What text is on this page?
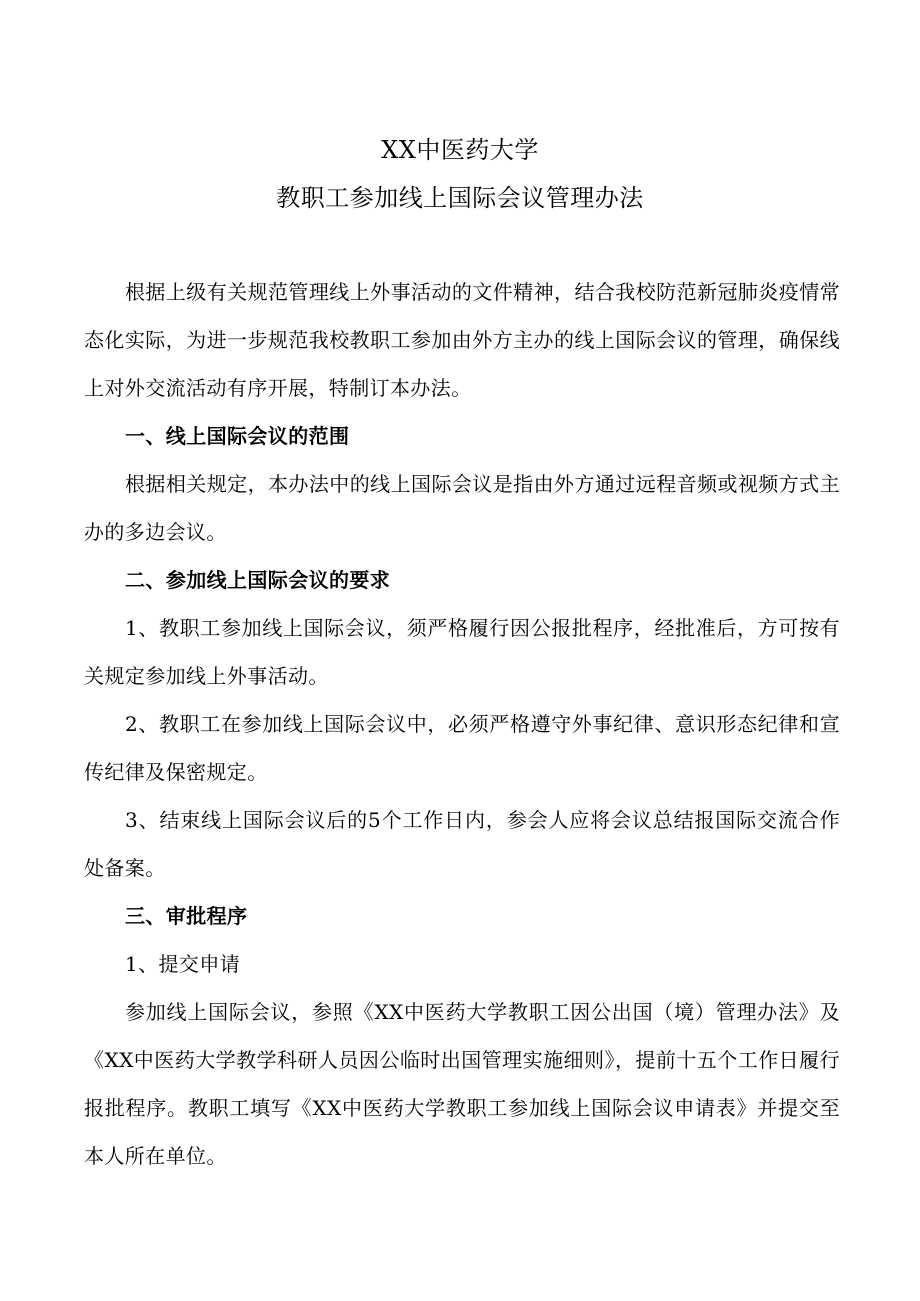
XX中医药大学
教职工参加线上国际会议管理办法

根据上级有关规范管理线上外事活动的文件精神，结合我校防范新冠肺炎疫情常态化实际，为进一步规范我校教职工参加由外方主办的线上国际会议的管理，确保线上对外交流活动有序开展，特制订本办法。

一、线上国际会议的范围

根据相关规定，本办法中的线上国际会议是指由外方通过远程音频或视频方式主办的多边会议。

二、参加线上国际会议的要求

1、教职工参加线上国际会议，须严格履行因公报批程序，经批准后，方可按有关规定参加线上外事活动。

2、教职工在参加线上国际会议中，必须严格遵守外事纪律、意识形态纪律和宣传纪律及保密规定。

3、结束线上国际会议后的5个工作日内，参会人应将会议总结报国际交流合作处备案。

三、审批程序

1、提交申请

参加线上国际会议，参照《XX中医药大学教职工因公出国（境）管理办法》及《XX中医药大学教学科研人员因公临时出国管理实施细则》，提前十五个工作日履行报批程序。教职工填写《XX中医药大学教职工参加线上国际会议申请表》并提交至本人所在单位。
